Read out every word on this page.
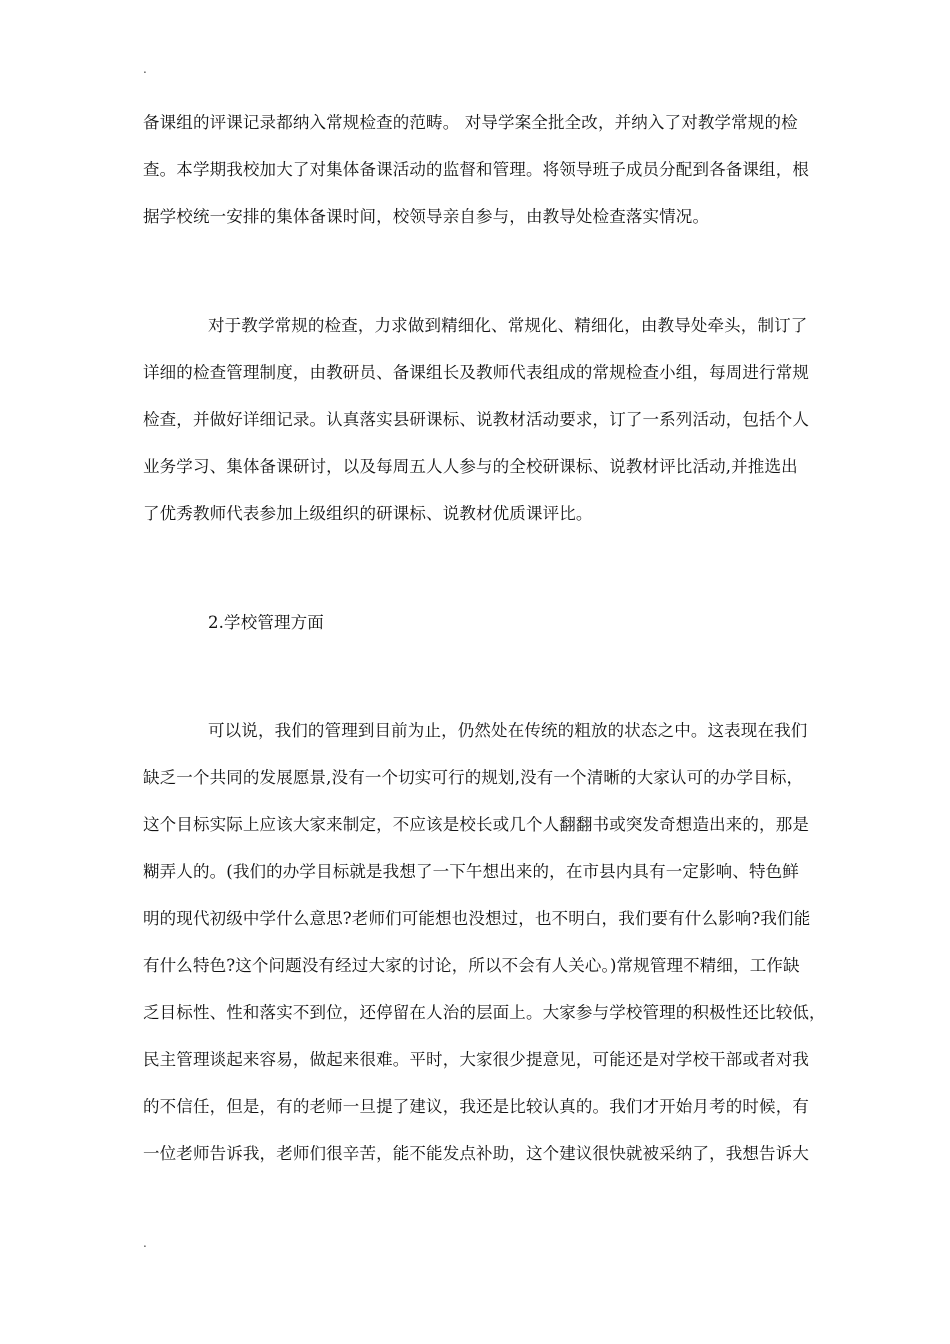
.
备课组的评课记录都纳入常规检查的范畴。 对导学案全批全改，并纳入了对教学常规的检
查。本学期我校加大了对集体备课活动的监督和管理。将领导班子成员分配到各备课组，根
据学校统一安排的集体备课时间，校领导亲自参与，由教导处检查落实情况。
对于教学常规的检查，力求做到精细化、常规化、精细化，由教导处牵头，制订了
详细的检查管理制度，由教研员、备课组长及教师代表组成的常规检查小组，每周进行常规
检查，并做好详细记录。认真落实县研课标、说教材活动要求，订了一系列活动，包括个人
业务学习、集体备课研讨，以及每周五人人参与的全校研课标、说教材评比活动,并推选出
了优秀教师代表参加上级组织的研课标、说教材优质课评比。
2.学校管理方面
可以说，我们的管理到目前为止，仍然处在传统的粗放的状态之中。这表现在我们
缺乏一个共同的发展愿景,没有一个切实可行的规划,没有一个清晰的大家认可的办学目标，
这个目标实际上应该大家来制定，不应该是校长或几个人翻翻书或突发奇想造出来的，那是
糊弄人的。(我们的办学目标就是我想了一下午想出来的，在市县内具有一定影响、特色鲜
明的现代初级中学什么意思?老师们可能想也没想过，也不明白，我们要有什么影响?我们能
有什么特色?这个问题没有经过大家的讨论，所以不会有人关心。)常规管理不精细，工作缺
乏目标性、性和落实不到位，还停留在人治的层面上。大家参与学校管理的积极性还比较低，
民主管理谈起来容易，做起来很难。平时，大家很少提意见，可能还是对学校干部或者对我
的不信任，但是，有的老师一旦提了建议，我还是比较认真的。我们才开始月考的时候，有
一位老师告诉我，老师们很辛苦，能不能发点补助，这个建议很快就被采纳了，我想告诉大
.
